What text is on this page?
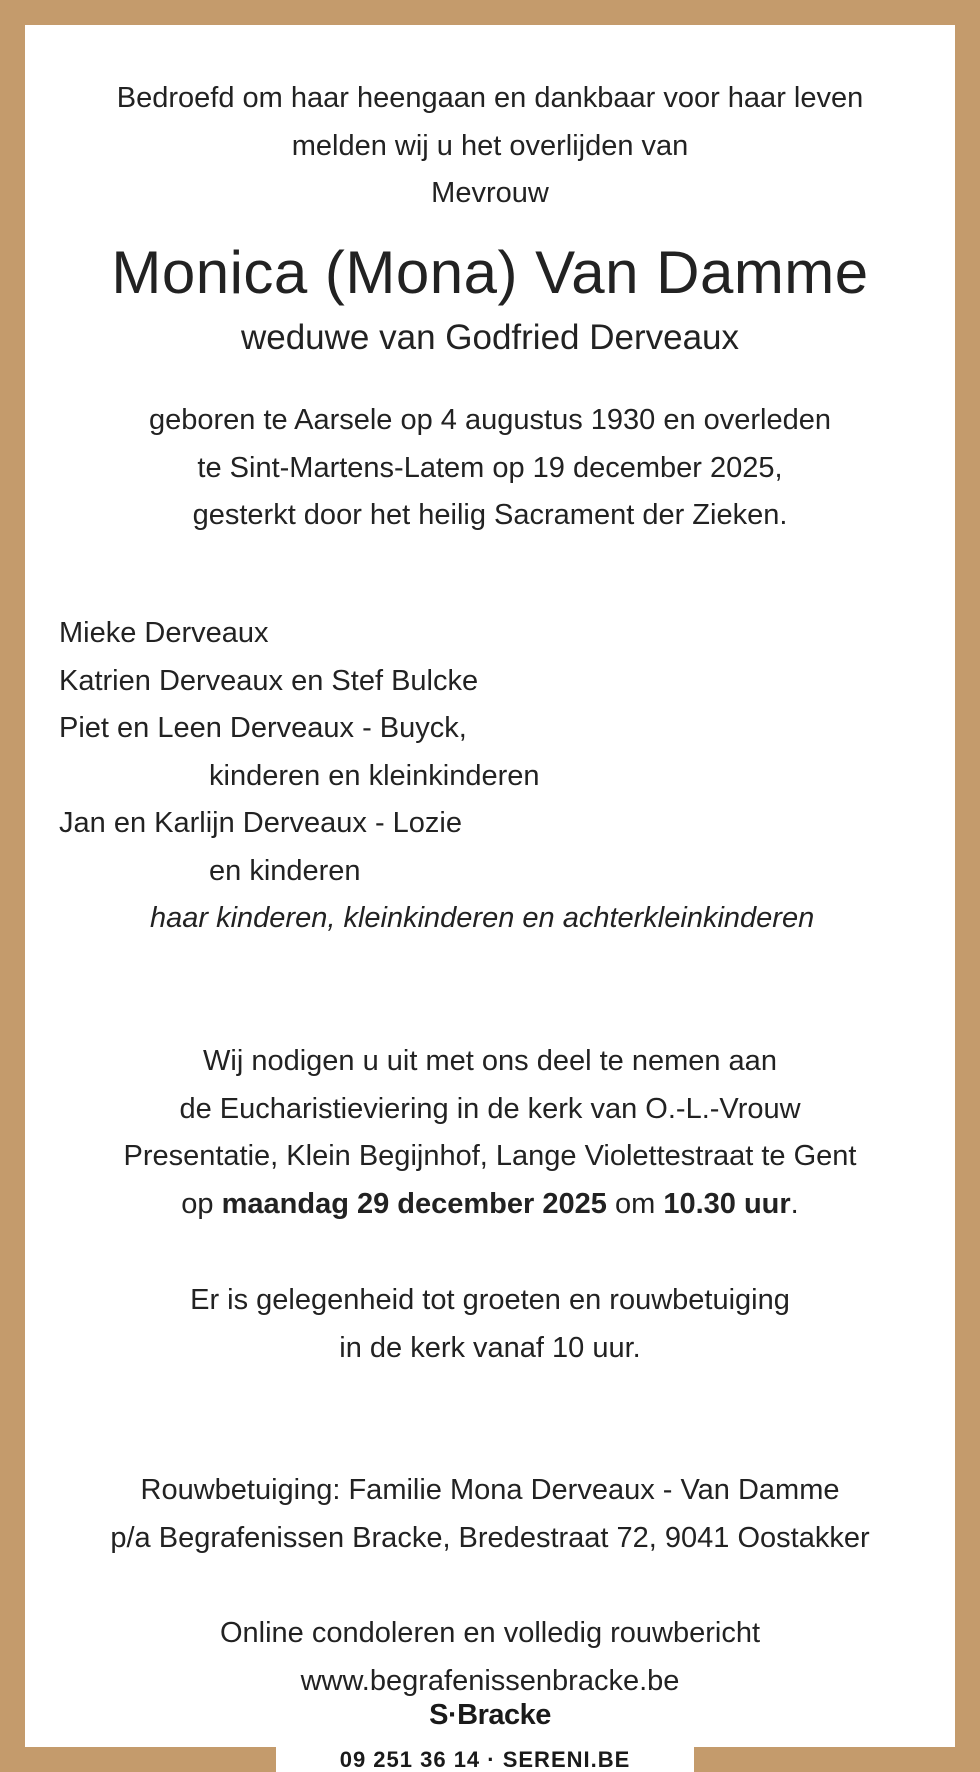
Bedroefd om haar heengaan en dankbaar voor haar leven
melden wij u het overlijden van
Mevrouw
Monica (Mona) Van Damme
weduwe van Godfried Derveaux
geboren te Aarsele op 4 augustus 1930 en overleden
te Sint-Martens-Latem op 19 december 2025,
gesterkt door het heilig Sacrament der Zieken.
Mieke Derveaux
Katrien Derveaux en Stef Bulcke
Piet en Leen Derveaux - Buyck,
kinderen en kleinkinderen
Jan en Karlijn Derveaux - Lozie
en kinderen
haar kinderen, kleinkinderen en achterkleinkinderen
Wij nodigen u uit met ons deel te nemen aan
de Eucharistieviering in de kerk van O.-L.-Vrouw
Presentatie, Klein Begijnhof, Lange Violettestraat te Gent
op maandag 29 december 2025 om 10.30 uur.
Er is gelegenheid tot groeten en rouwbetuiging
in de kerk vanaf 10 uur.
Rouwbetuiging: Familie Mona Derveaux - Van Damme
p/a Begrafenissen Bracke, Bredestraat 72, 9041 Oostakker
Online condoleren en volledig rouwbericht
www.begrafenissenbracke.be
S·Bracke
09 251 36 14 · SERENI.BE
